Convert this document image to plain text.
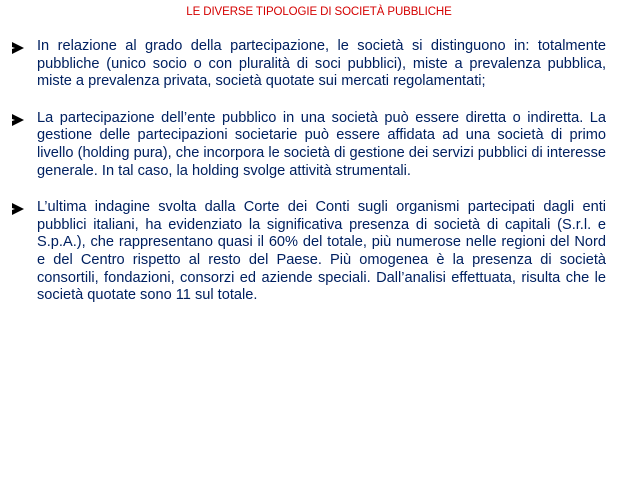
LE DIVERSE TIPOLOGIE DI SOCIETÀ PUBBLICHE
In relazione al grado della partecipazione, le società si distinguono in: totalmente pubbliche (unico socio o con pluralità di soci pubblici), miste a prevalenza pubblica, miste a prevalenza privata, società quotate sui mercati regolamentati;
La partecipazione dell’ente pubblico in una società può essere diretta o indiretta. La gestione delle partecipazioni societarie può essere affidata ad una società di primo livello (holding pura), che incorpora le società di gestione dei servizi pubblici di interesse generale. In tal caso, la holding svolge attività strumentali.
L’ultima indagine svolta dalla Corte dei Conti sugli organismi partecipati dagli enti pubblici italiani, ha evidenziato la significativa presenza di società di capitali (S.r.l. e S.p.A.), che rappresentano quasi il 60% del totale, più numerose nelle regioni del Nord e del Centro rispetto al resto del Paese. Più omogenea è la presenza di società consortili, fondazioni, consorzi ed aziende speciali. Dall’analisi effettuata, risulta che le società quotate sono 11 sul totale.
